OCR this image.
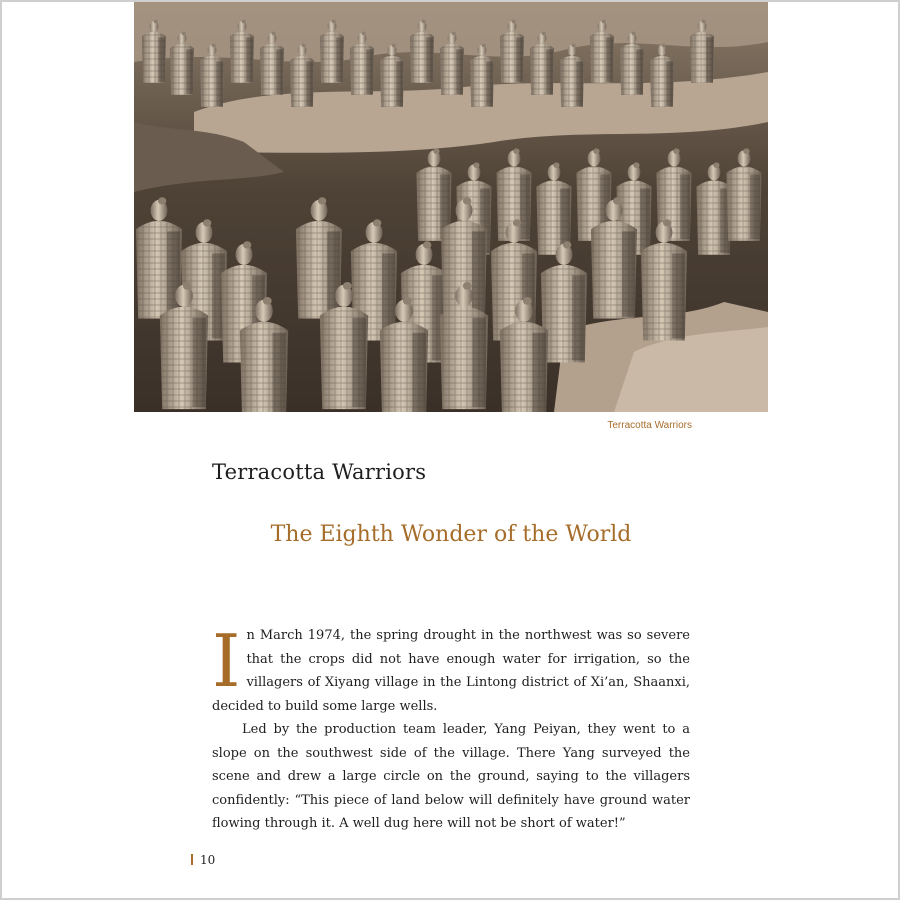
Terracotta Warriors
Terracotta Warriors
The Eighth Wonder of the World

In March 1974, the spring drought in the northwest was so severe that the crops did not have enough water for irrigation, so the villagers of Xiyang village in the Lintong district of Xi’an, Shaanxi, decided to build some large wells.

Led by the production team leader, Yang Peiyan, they went to a slope on the southwest side of the village. There Yang surveyed the scene and drew a large circle on the ground, saying to the villagers confidently: “This piece of land below will definitely have ground water flowing through it. A well dug here will not be short of water!”

10
